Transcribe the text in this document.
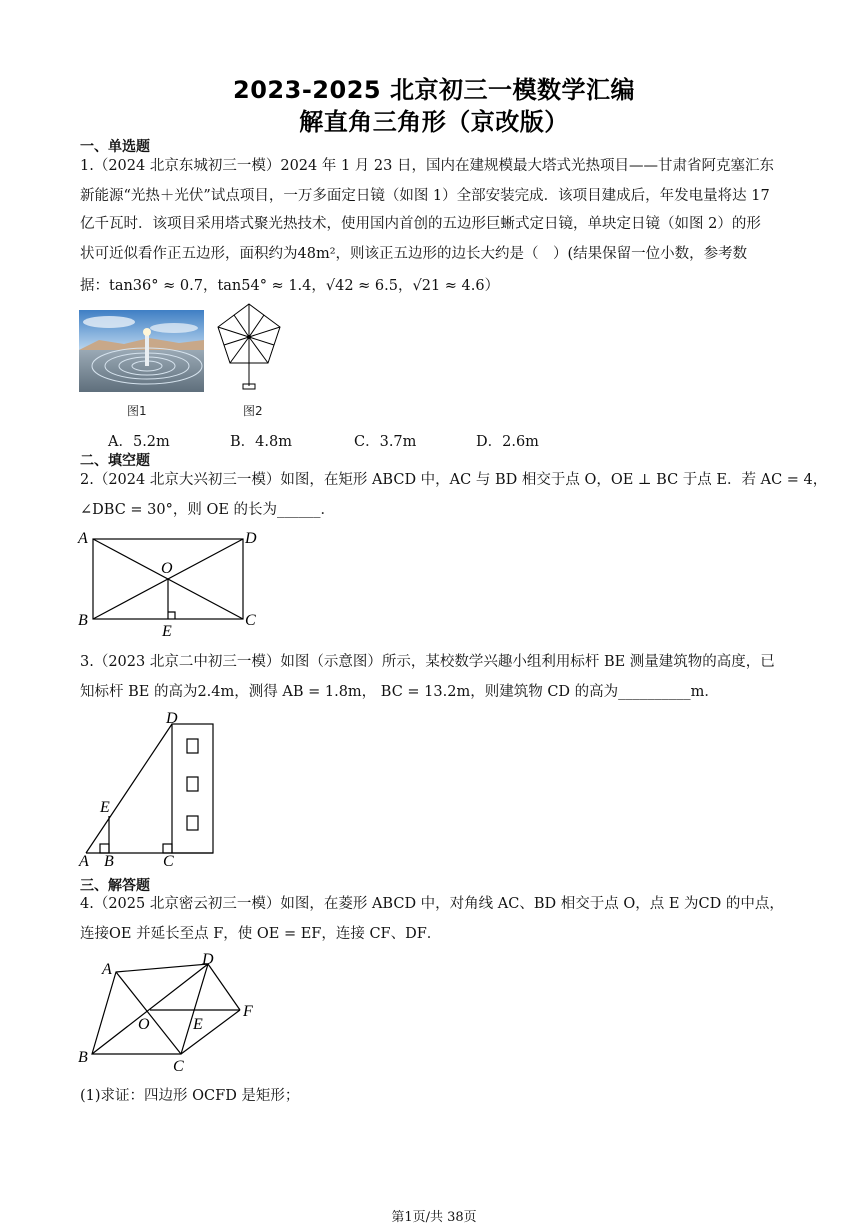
2023-2025 北京初三一模数学汇编
解直角三角形（京改版）
一、单选题
1.（2024 北京东城初三一模）2024 年 1 月 23 日，国内在建规模最大塔式光热项目——甘肃省阿克塞汇东
新能源“光热＋光伏”试点项目，一万多面定日镜（如图 1）全部安装完成．该项目建成后，年发电量将达 17
亿千瓦时．该项目采用塔式聚光热技术，使用国内首创的五边形巨蜥式定日镜，单块定日镜（如图 2）的形
状可近似看作正五边形，面积约为48m²，则该正五边形的边长大约是（　）(结果保留一位小数，参考数
据：tan36° ≈ 0.7，tan54° ≈ 1.4，√42 ≈ 6.5，√21 ≈ 4.6）
图1	图2
A．5.2m	B．4.8m	C．3.7m	D．2.6m
二、填空题
2.（2024 北京大兴初三一模）如图，在矩形 ABCD 中，AC 与 BD 相交于点 O，OE ⊥ BC 于点 E．若 AC = 4，
∠DBC = 30°，则 OE 的长为______．
A	D
B	C
O
E
3.（2023 北京二中初三一模）如图（示意图）所示，某校数学兴趣小组利用标杆 BE 测量建筑物的高度，已
知标杆 BE 的高为2.4m，测得 AB = 1.8m， BC = 13.2m，则建筑物 CD 的高为__________m．
D
E
A B	C
三、解答题
4.（2025 北京密云初三一模）如图，在菱形 ABCD 中，对角线 AC、BD 相交于点 O，点 E 为CD 的中点，
连接OE 并延长至点 F，使 OE = EF，连接 CF、DF．
A
D
B
C
O	E
F
(1)求证：四边形 OCFD 是矩形；
第1页/共 38页
